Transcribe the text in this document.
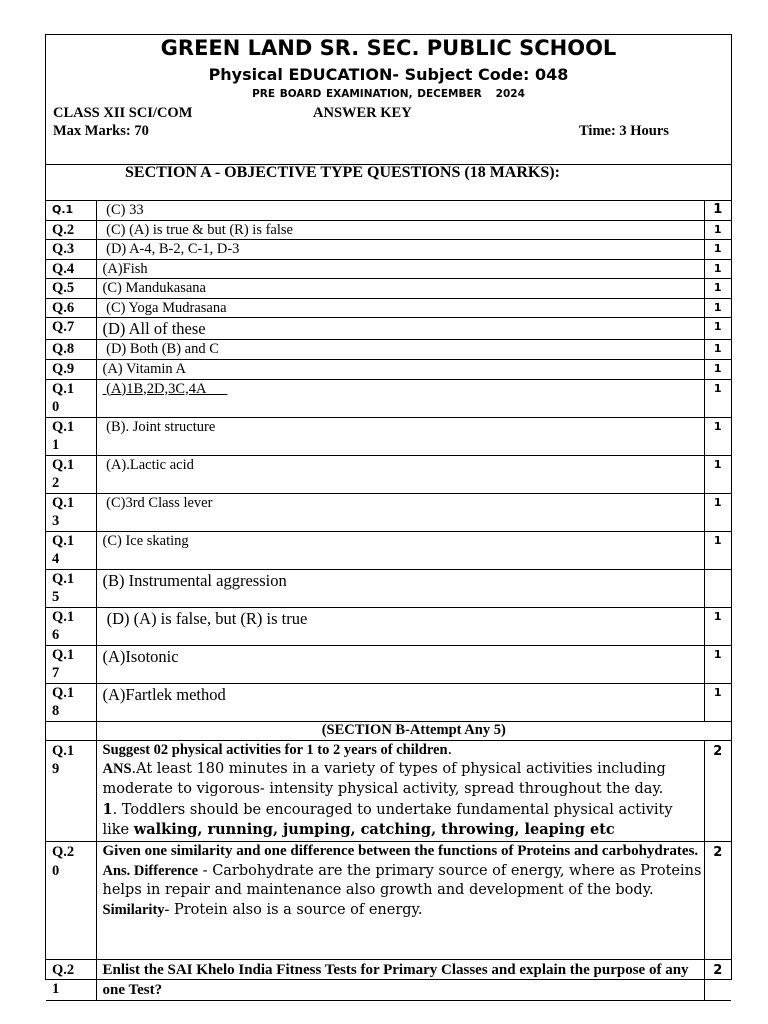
GREEN LAND SR. SEC. PUBLIC SCHOOL
Physical EDUCATION- Subject Code: 048
PRE BOARD EXAMINATION, DECEMBER   2024
CLASS XII SCI/COM	ANSWER KEY
Max Marks: 70	Time: 3 Hours
SECTION A - OBJECTIVE TYPE QUESTIONS (18 MARKS):
Q.1	(C) 33	1
Q.2	(C) (A) is true & but (R) is false	1
Q.3	(D) A-4, B-2, C-1, D-3	1
Q.4	(A)Fish	1
Q.5	(C) Mandukasana	1
Q.6	(C) Yoga Mudrasana	1
Q.7	(D) All of these	1
Q.8	(D) Both (B) and C	1
Q.9	(A) Vitamin A	1
Q.1
0	(A)1B,2D,3C,4A	1
Q.1
1	(B). Joint structure	1
Q.1
2	(A).Lactic acid	1
Q.1
3	(C)3rd Class lever	1
Q.1
4	(C) Ice skating	1
Q.1
5	(B) Instrumental aggression	
Q.1
6	(D) (A) is false, but (R) is true	1
Q.1
7	(A)Isotonic	1
Q.1
8	(A)Fartlek method	1
	(SECTION B-Attempt Any 5)	
Q.1
9	Suggest 02 physical activities for 1 to 2 years of children.
ANS.At least 180 minutes in a variety of types of physical activities including moderate to vigorous- intensity physical activity, spread throughout the day.
1. Toddlers should be encouraged to undertake fundamental physical activity like walking, running, jumping, catching, throwing, leaping etc	2
Q.2
0	Given one similarity and one difference between the functions of Proteins and carbohydrates.
Ans. Difference - Carbohydrate are the primary source of energy, where as Proteins helps in repair and maintenance also growth and development of the body.
Similarity- Protein also is a source of energy.	2
Q.2
1	Enlist the SAI Khelo India Fitness Tests for Primary Classes and explain the purpose of any one Test?	2
